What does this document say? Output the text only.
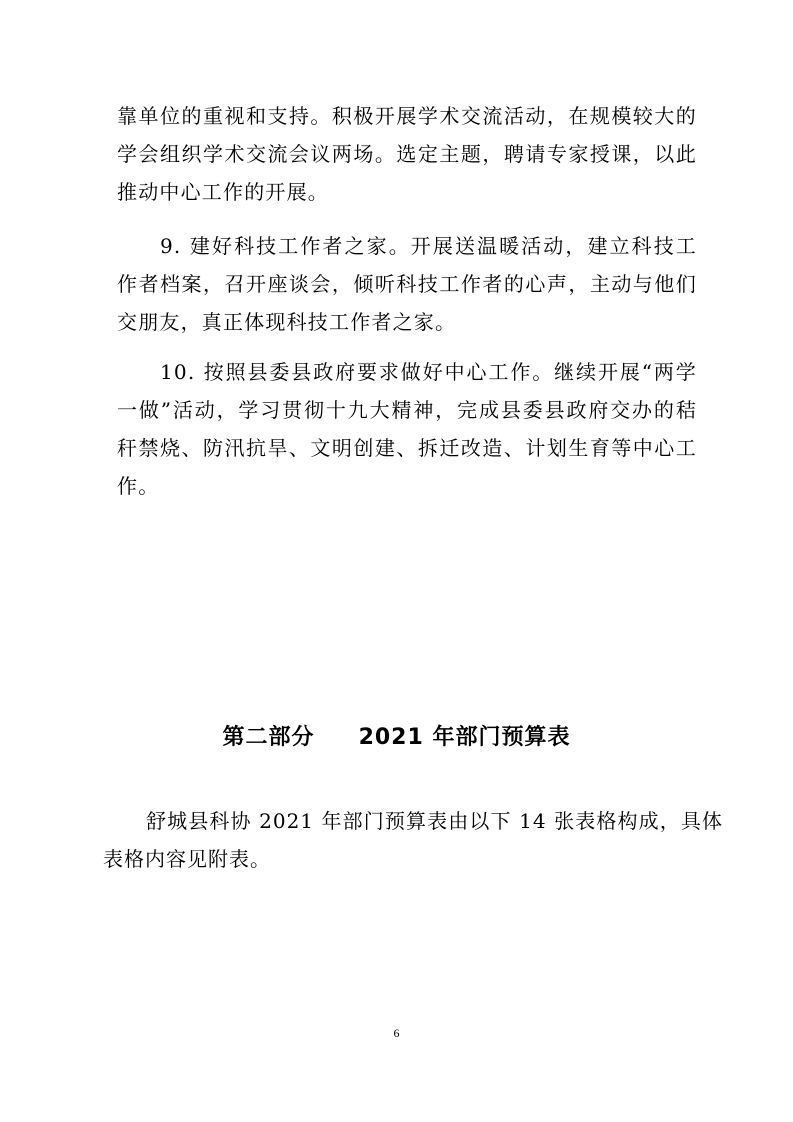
靠单位的重视和支持。积极开展学术交流活动，在规模较大的学会组织学术交流会议两场。选定主题，聘请专家授课，以此推动中心工作的开展。

9. 建好科技工作者之家。开展送温暖活动，建立科技工作者档案，召开座谈会，倾听科技工作者的心声，主动与他们交朋友，真正体现科技工作者之家。

10. 按照县委县政府要求做好中心工作。继续开展“两学一做”活动，学习贯彻十九大精神，完成县委县政府交办的秸秆禁烧、防汛抗旱、文明创建、拆迁改造、计划生育等中心工作。

第二部分 2021 年部门预算表

舒城县科协 2021 年部门预算表由以下 14 张表格构成，具体表格内容见附表。

6
